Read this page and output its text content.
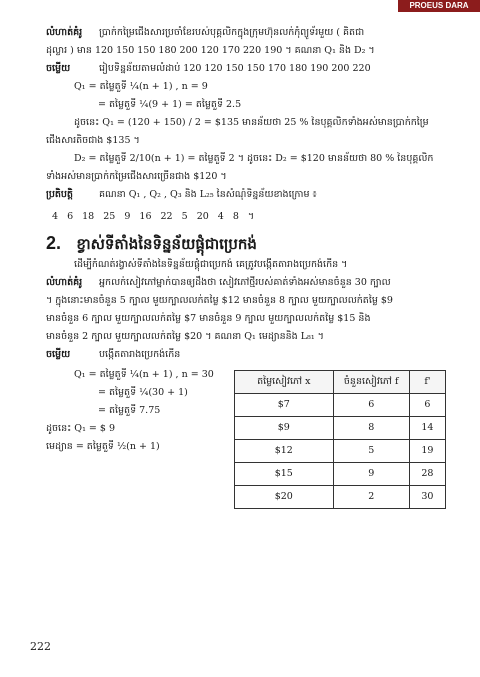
PROEUS DARA
លំហាត់គំរូ ប្រាក់កម្រៃជើងសារប្រចាំខែរបស់បុគ្គលិកក្នុងក្រុមហ៊ុនលក់កុំព្យូទ័រមួយ ( គិតជា
ដុល្លារ ) មាន 120 150 150 180 200 120 170 220 190 ។ គណនា Q₁ និង D₂ ។
ចម្លើយ	រៀបទិន្នន័យតាមលំដាប់ 120 120 150 150 170 180 190 200 220
Q₁ = តម្លៃតួទី ¼(n + 1) , n = 9
= តម្លៃតួទី ¼(9 + 1) = តម្លៃតួទី 2.5
ដូចនេះ Q₁ = (120 + 150) / 2 = $135 មានន័យថា 25 % នៃបុគ្គលិកទាំងអស់មានប្រាក់កម្រៃ
ជើងសារតិចជាង $135 ។
D₂ = តម្លៃតួទី 2/10(n + 1) = តម្លៃតួទី 2 ។ ដូចនេះ D₂ = $120 មានន័យថា 80 % នៃបុគ្គលិក
ទាំងអស់មានប្រាក់កម្រៃជើងសារច្រើនជាង $120 ។
ប្រតិបត្តិ	គណនា Q₁ , Q₂ , Q₃ និង L₂₅ នៃសំណុំទិន្នន័យខាងក្រោម ៖
4 6 18 25 9 16 22 5 20 4 8 ។
2. ខ្វាស់ទីតាំងនៃទិន្នន័យផ្តុំជាប្រេកង់
ដើម្បីកំណត់រង្វាស់ទីតាំងនៃទិន្នន័យផ្តុំជាប្រេកង់ គេត្រូវបង្កើតតារាងប្រេកង់កើន ។
លំហាត់គំរូ អ្នកលក់សៀវភៅម្នាក់បានឲ្យដឹងថា សៀវភៅថ្មីរបស់គាត់ទាំងអស់មានចំនួន 30 ក្បាល
។ ក្នុងនោះមានចំនួន 5 ក្បាល មួយក្បាលលក់តម្លៃ $12 មានចំនួន 8 ក្បាល មួយក្បាលលក់តម្លៃ $9
មានចំនួន 6 ក្បាល មួយក្បាលលក់តម្លៃ $7 មានចំនួន 9 ក្បាល មួយក្បាលលក់តម្លៃ $15 និង
មានចំនួន 2 ក្បាល មួយក្បាលលក់តម្លៃ $20 ។ គណនា Q₁ មេដ្យាននិង L₈₁ ។
ចម្លើយ	បង្កើតតារាងប្រេកង់កើន
Q₁ = តម្លៃតួទី ¼(n + 1) , n = 30
= តម្លៃតួទី ¼(30 + 1)
= តម្លៃតួទី 7.75
ដូចនេះ Q₁ = $ 9
មេដ្យាន = តម្លៃតួទី ½(n + 1)
តម្លៃសៀវភៅ x	ចំនួនសៀវភៅ f	f'
$7	6	6
$9	8	14
$12	5	19
$15	9	28
$20	2	30
222
